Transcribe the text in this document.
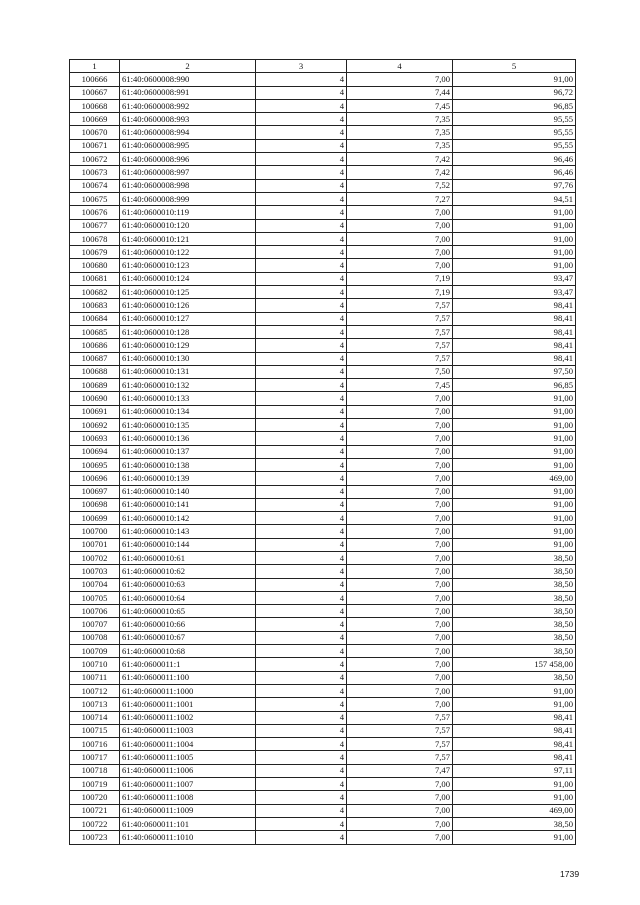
1	2	3	4	5
100666	61:40:0600008:990	4	7,00	91,00
100667	61:40:0600008:991	4	7,44	96,72
100668	61:40:0600008:992	4	7,45	96,85
100669	61:40:0600008:993	4	7,35	95,55
100670	61:40:0600008:994	4	7,35	95,55
100671	61:40:0600008:995	4	7,35	95,55
100672	61:40:0600008:996	4	7,42	96,46
100673	61:40:0600008:997	4	7,42	96,46
100674	61:40:0600008:998	4	7,52	97,76
100675	61:40:0600008:999	4	7,27	94,51
100676	61:40:0600010:119	4	7,00	91,00
100677	61:40:0600010:120	4	7,00	91,00
100678	61:40:0600010:121	4	7,00	91,00
100679	61:40:0600010:122	4	7,00	91,00
100680	61:40:0600010:123	4	7,00	91,00
100681	61:40:0600010:124	4	7,19	93,47
100682	61:40:0600010:125	4	7,19	93,47
100683	61:40:0600010:126	4	7,57	98,41
100684	61:40:0600010:127	4	7,57	98,41
100685	61:40:0600010:128	4	7,57	98,41
100686	61:40:0600010:129	4	7,57	98,41
100687	61:40:0600010:130	4	7,57	98,41
100688	61:40:0600010:131	4	7,50	97,50
100689	61:40:0600010:132	4	7,45	96,85
100690	61:40:0600010:133	4	7,00	91,00
100691	61:40:0600010:134	4	7,00	91,00
100692	61:40:0600010:135	4	7,00	91,00
100693	61:40:0600010:136	4	7,00	91,00
100694	61:40:0600010:137	4	7,00	91,00
100695	61:40:0600010:138	4	7,00	91,00
100696	61:40:0600010:139	4	7,00	469,00
100697	61:40:0600010:140	4	7,00	91,00
100698	61:40:0600010:141	4	7,00	91,00
100699	61:40:0600010:142	4	7,00	91,00
100700	61:40:0600010:143	4	7,00	91,00
100701	61:40:0600010:144	4	7,00	91,00
100702	61:40:0600010:61	4	7,00	38,50
100703	61:40:0600010:62	4	7,00	38,50
100704	61:40:0600010:63	4	7,00	38,50
100705	61:40:0600010:64	4	7,00	38,50
100706	61:40:0600010:65	4	7,00	38,50
100707	61:40:0600010:66	4	7,00	38,50
100708	61:40:0600010:67	4	7,00	38,50
100709	61:40:0600010:68	4	7,00	38,50
100710	61:40:0600011:1	4	7,00	157 458,00
100711	61:40:0600011:100	4	7,00	38,50
100712	61:40:0600011:1000	4	7,00	91,00
100713	61:40:0600011:1001	4	7,00	91,00
100714	61:40:0600011:1002	4	7,57	98,41
100715	61:40:0600011:1003	4	7,57	98,41
100716	61:40:0600011:1004	4	7,57	98,41
100717	61:40:0600011:1005	4	7,57	98,41
100718	61:40:0600011:1006	4	7,47	97,11
100719	61:40:0600011:1007	4	7,00	91,00
100720	61:40:0600011:1008	4	7,00	91,00
100721	61:40:0600011:1009	4	7,00	469,00
100722	61:40:0600011:101	4	7,00	38,50
100723	61:40:0600011:1010	4	7,00	91,00
1739
